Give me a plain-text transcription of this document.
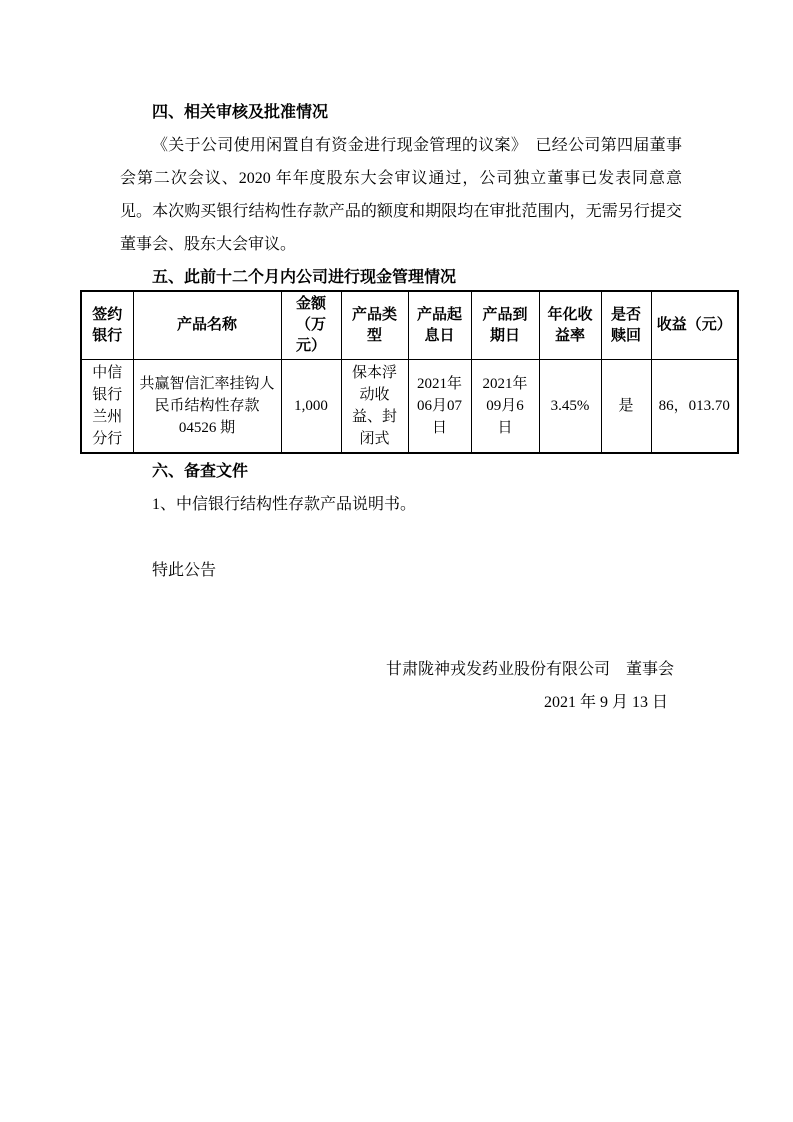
四、相关审核及批准情况

《关于公司使用闲置自有资金进行现金管理的议案》　已经公司第四届董事会第二次会议、2020 年年度股东大会审议通过，公司独立董事已发表同意意见。本次购买银行结构性存款产品的额度和期限均在审批范围内，无需另行提交董事会、股东大会审议。

五、此前十二个月内公司进行现金管理情况
签约银行	产品名称	金额（万元）	产品类型	产品起息日	产品到期日	年化收益率	是否赎回	收益（元）
中信银行兰州分行	共赢智信汇率挂钩人民币结构性存款04526 期	1,000	保本浮动收益、封闭式	2021年06月07日	2021年09月6日	3.45%	是	86，013.70
六、备查文件
1、中信银行结构性存款产品说明书。
特此公告
甘肃陇神戎发药业股份有限公司　董事会
2021 年 9 月 13 日
